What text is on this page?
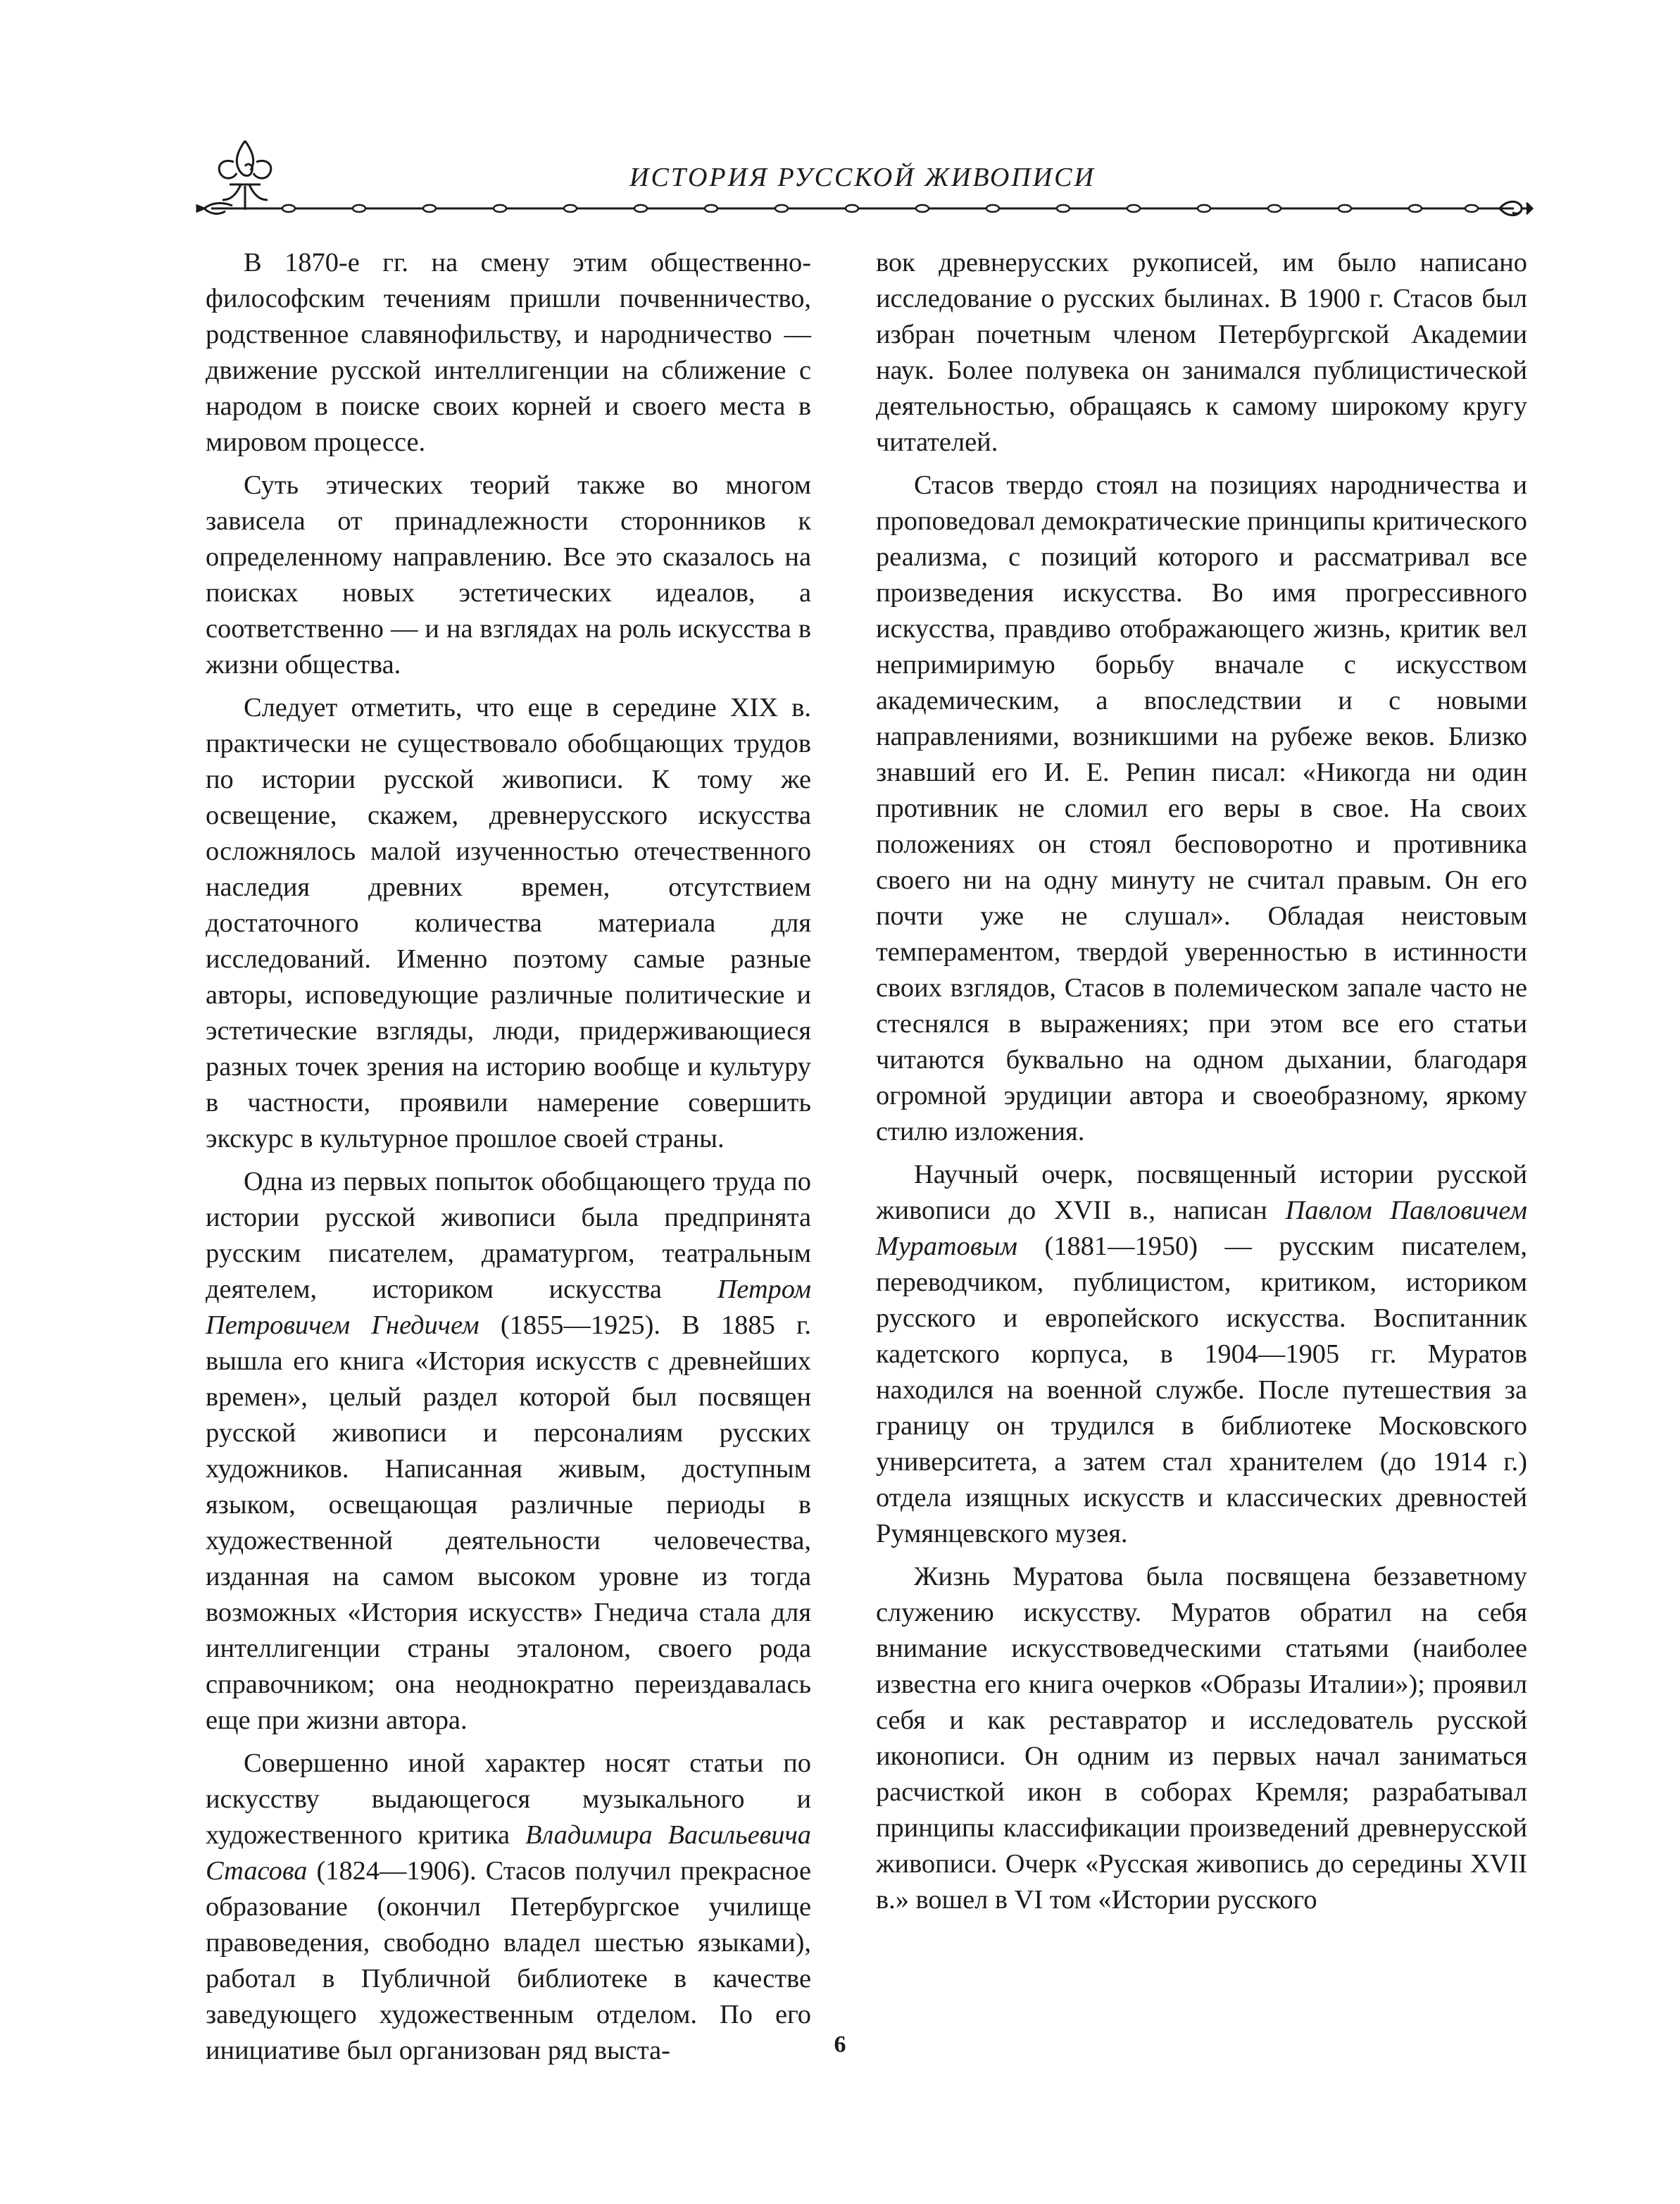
ИСТОРИЯ РУССКОЙ ЖИВОПИСИ

В 1870-е гг. на смену этим общественно-философским течениям пришли почвенничество, родственное славянофильству, и народничество — движение русской интеллигенции на сближение с народом в поиске своих корней и своего места в мировом процессе.

Суть этических теорий также во многом зависела от принадлежности сторонников к определенному направлению. Все это сказалось на поисках новых эстетических идеалов, а соответственно — и на взглядах на роль искусства в жизни общества.

Следует отметить, что еще в середине XIX в. практически не существовало обобщающих трудов по истории русской живописи. К тому же освещение, скажем, древнерусского искусства осложнялось малой изученностью отечественного наследия древних времен, отсутствием достаточного количества материала для исследований. Именно поэтому самые разные авторы, исповедующие различные политические и эстетические взгляды, люди, придерживающиеся разных точек зрения на историю вообще и культуру в частности, проявили намерение совершить экскурс в культурное прошлое своей страны.

Одна из первых попыток обобщающего труда по истории русской живописи была предпринята русским писателем, драматургом, театральным деятелем, историком искусства Петром Петровичем Гнедичем (1855—1925). В 1885 г. вышла его книга «История искусств с древнейших времен», целый раздел которой был посвящен русской живописи и персоналиям русских художников. Написанная живым, доступным языком, освещающая различные периоды в художественной деятельности человечества, изданная на самом высоком уровне из тогда возможных «История искусств» Гнедича стала для интеллигенции страны эталоном, своего рода справочником; она неоднократно переиздавалась еще при жизни автора.

Совершенно иной характер носят статьи по искусству выдающегося музыкального и художественного критика Владимира Васильевича Стасова (1824—1906). Стасов получил прекрасное образование (окончил Петербургское училище правоведения, свободно владел шестью языками), работал в Публичной библиотеке в качестве заведующего художественным отделом. По его инициативе был организован ряд выста-

вок древнерусских рукописей, им было написано исследование о русских былинах. В 1900 г. Стасов был избран почетным членом Петербургской Академии наук. Более полувека он занимался публицистической деятельностью, обращаясь к самому широкому кругу читателей.

Стасов твердо стоял на позициях народничества и проповедовал демократические принципы критического реализма, с позиций которого и рассматривал все произведения искусства. Во имя прогрессивного искусства, правдиво отображающего жизнь, критик вел непримиримую борьбу вначале с искусством академическим, а впоследствии и с новыми направлениями, возникшими на рубеже веков. Близко знавший его И. Е. Репин писал: «Никогда ни один противник не сломил его веры в свое. На своих положениях он стоял бесповоротно и противника своего ни на одну минуту не считал правым. Он его почти уже не слушал». Обладая неистовым темпераментом, твердой уверенностью в истинности своих взглядов, Стасов в полемическом запале часто не стеснялся в выражениях; при этом все его статьи читаются буквально на одном дыхании, благодаря огромной эрудиции автора и своеобразному, яркому стилю изложения.

Научный очерк, посвященный истории русской живописи до XVII в., написан Павлом Павловичем Муратовым (1881—1950) — русским писателем, переводчиком, публицистом, критиком, историком русского и европейского искусства. Воспитанник кадетского корпуса, в 1904—1905 гг. Муратов находился на военной службе. После путешествия за границу он трудился в библиотеке Московского университета, а затем стал хранителем (до 1914 г.) отдела изящных искусств и классических древностей Румянцевского музея.

Жизнь Муратова была посвящена беззаветному служению искусству. Муратов обратил на себя внимание искусствоведческими статьями (наиболее известна его книга очерков «Образы Италии»); проявил себя и как реставратор и исследователь русской иконописи. Он одним из первых начал заниматься расчисткой икон в соборах Кремля; разрабатывал принципы классификации произведений древнерусской живописи. Очерк «Русская живопись до середины XVII в.» вошел в VI том «Истории русского

6
